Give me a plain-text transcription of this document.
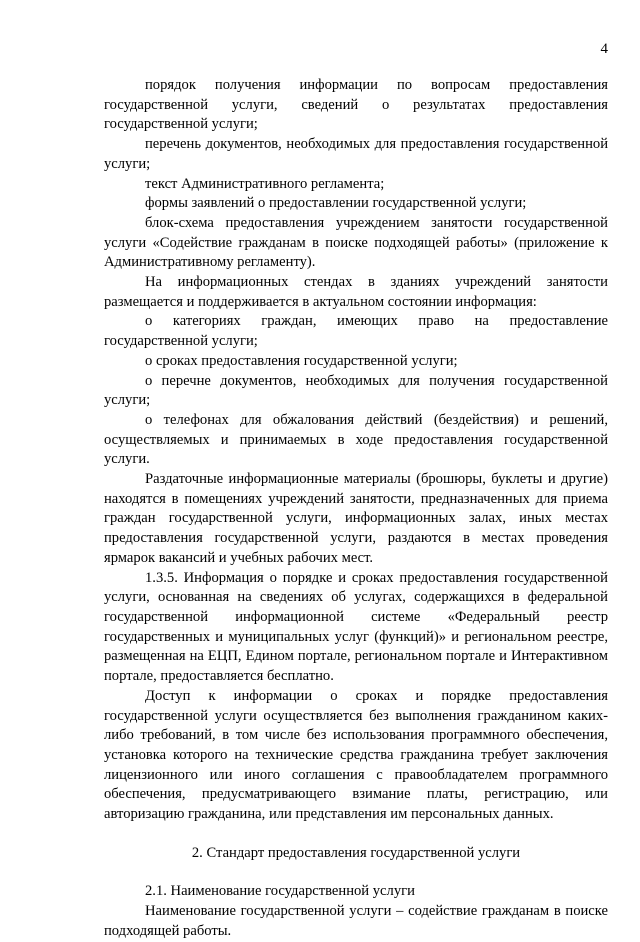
4

порядок получения информации по вопросам предоставления государственной услуги, сведений о результатах предоставления государственной услуги;

перечень документов, необходимых для предоставления государственной услуги;

текст Административного регламента;

формы заявлений о предоставлении государственной услуги;

блок-схема предоставления учреждением занятости государственной услуги «Содействие гражданам в поиске подходящей работы» (приложение к Административному регламенту).

На информационных стендах в зданиях учреждений занятости размещается и поддерживается в актуальном состоянии информация:

о категориях граждан, имеющих право на предоставление государственной услуги;

о сроках предоставления государственной услуги;

о перечне документов, необходимых для получения государственной услуги;

о телефонах для обжалования действий (бездействия) и решений, осуществляемых и принимаемых в ходе предоставления государственной услуги.

Раздаточные информационные материалы (брошюры, буклеты и другие) находятся в помещениях учреждений занятости, предназначенных для приема граждан государственной услуги, информационных залах, иных местах предоставления государственной услуги, раздаются в местах проведения ярмарок вакансий и учебных рабочих мест.

1.3.5. Информация о порядке и сроках предоставления государственной услуги, основанная на сведениях об услугах, содержащихся в федеральной государственной информационной системе «Федеральный реестр государственных и муниципальных услуг (функций)» и региональном реестре, размещенная на ЕЦП, Едином портале, региональном портале и Интерактивном портале, предоставляется бесплатно.

Доступ к информации о сроках и порядке предоставления государственной услуги осуществляется без выполнения гражданином каких-либо требований, в том числе без использования программного обеспечения, установка которого на технические средства гражданина требует заключения лицензионного или иного соглашения с правообладателем программного обеспечения, предусматривающего взимание платы, регистрацию, или авторизацию гражданина, или представления им персональных данных.

2. Стандарт предоставления государственной услуги

2.1. Наименование государственной услуги

Наименование государственной услуги – содействие гражданам в поиске подходящей работы.
